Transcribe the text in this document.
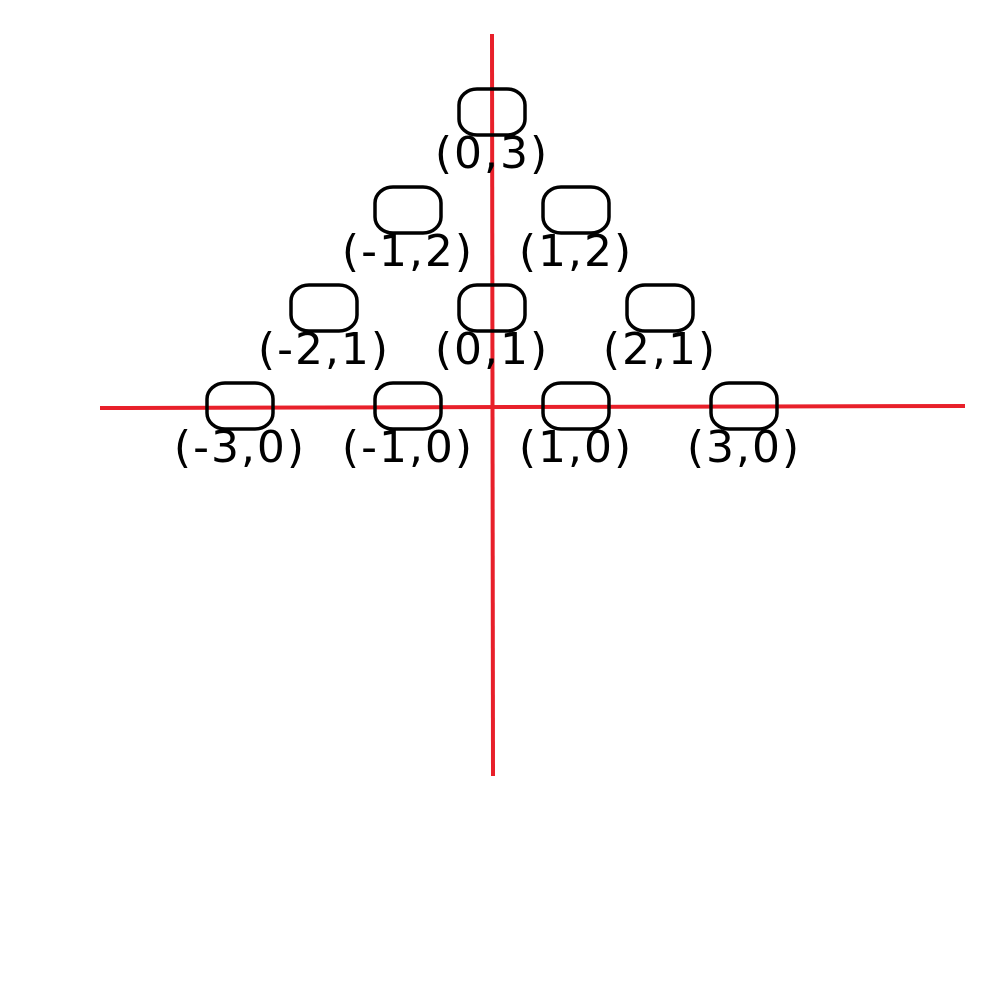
(0,3)
(-1,2) (1,2)
(-2,1) (0,1) (2,1)
(-3,0) (-1,0) (1,0) (3,0)
